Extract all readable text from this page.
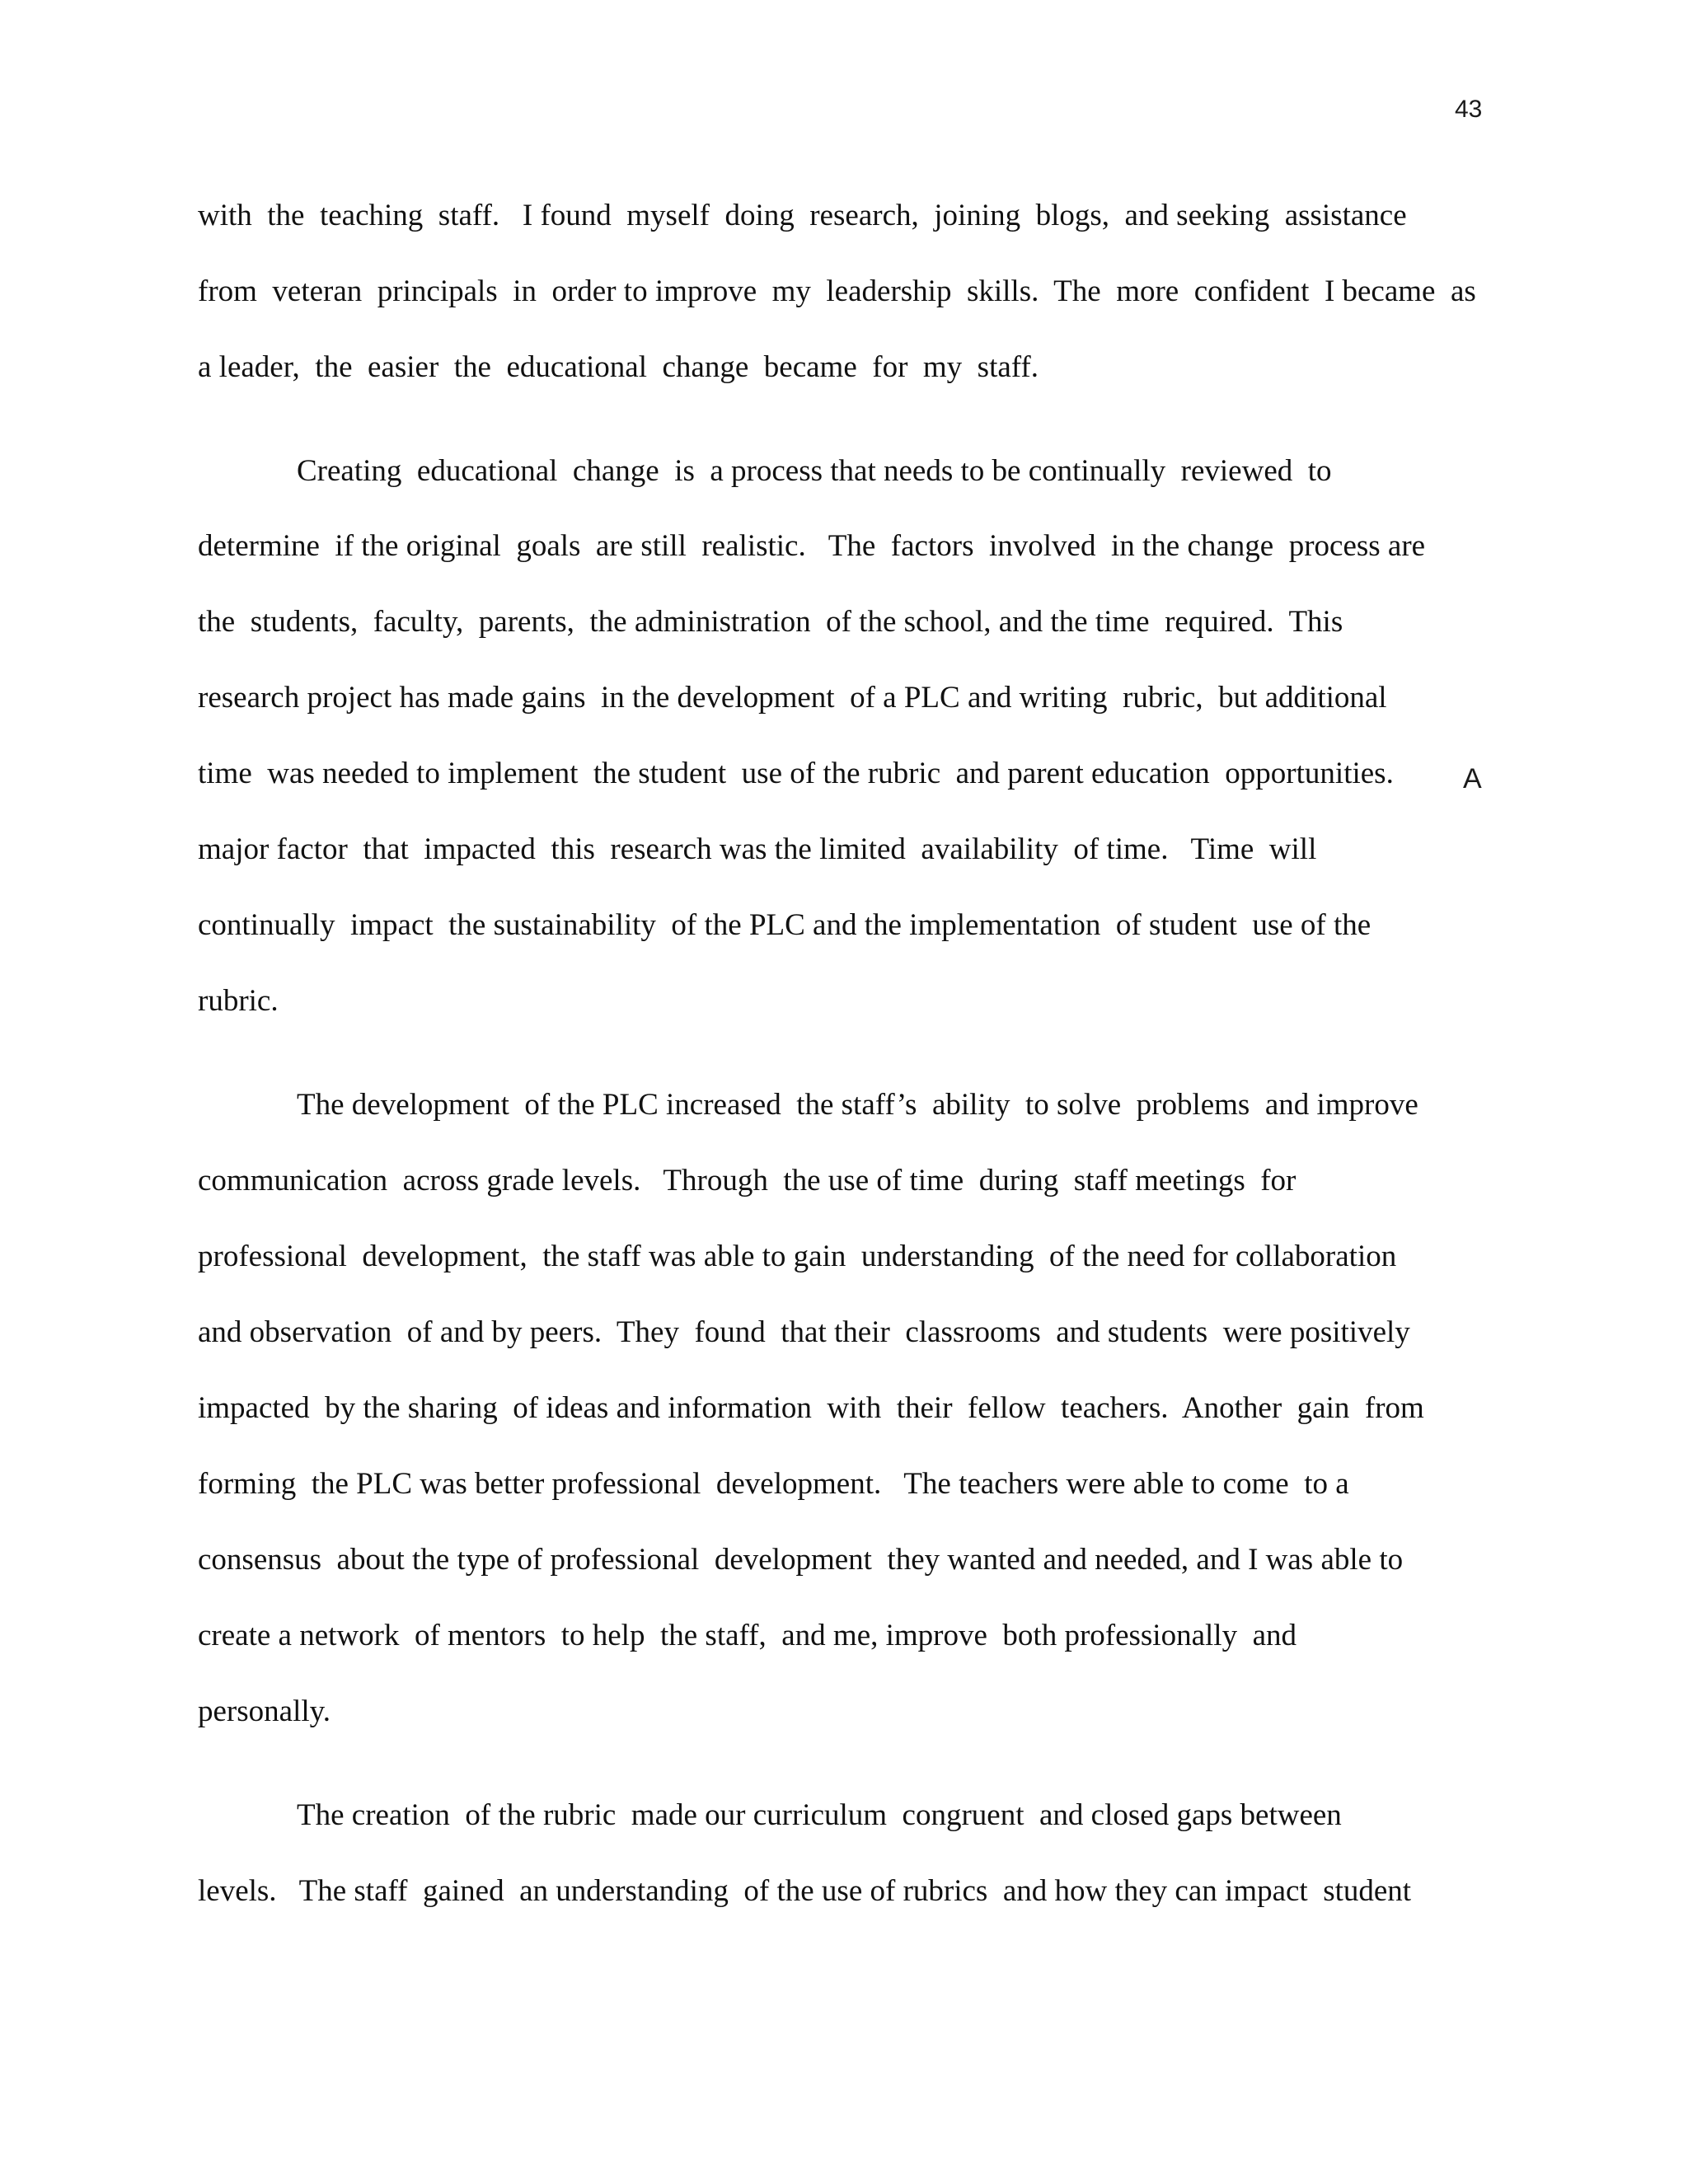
43
with  the  teaching  staff.   I found  myself  doing  research,  joining  blogs,  and seeking  assistance
from  veteran  principals  in  order to improve  my  leadership  skills.  The  more  confident  I became  as
a leader,  the  easier  the  educational  change  became  for  my  staff.
Creating  educational  change  is  a process that needs to be continually  reviewed  to
determine  if the original  goals  are still  realistic.   The  factors  involved  in the change  process are
the  students,  faculty,  parents,  the administration  of the school, and the time  required.  This
research project has made gains  in the development  of a PLC and writing  rubric,  but additional
time  was needed to implement  the student  use of the rubric  and parent education  opportunities. A
major factor  that  impacted  this  research was the limited  availability  of time.   Time  will
continually  impact  the sustainability  of the PLC and the implementation  of student  use of the
rubric.
The development  of the PLC increased  the staff’s  ability  to solve  problems  and improve
communication  across grade levels.   Through  the use of time  during  staff meetings  for
professional  development,  the staff was able to gain  understanding  of the need for collaboration
and observation  of and by peers.  They  found  that their  classrooms  and students  were positively
impacted  by the sharing  of ideas and information  with  their  fellow  teachers.  Another  gain  from
forming  the PLC was better professional  development.   The teachers were able to come  to a
consensus  about the type of professional  development  they wanted and needed, and I was able to
create a network  of mentors  to help  the staff,  and me, improve  both professionally  and
personally.
The creation  of the rubric  made our curriculum  congruent  and closed gaps between
levels.   The staff  gained  an understanding  of the use of rubrics  and how they can impact  student
